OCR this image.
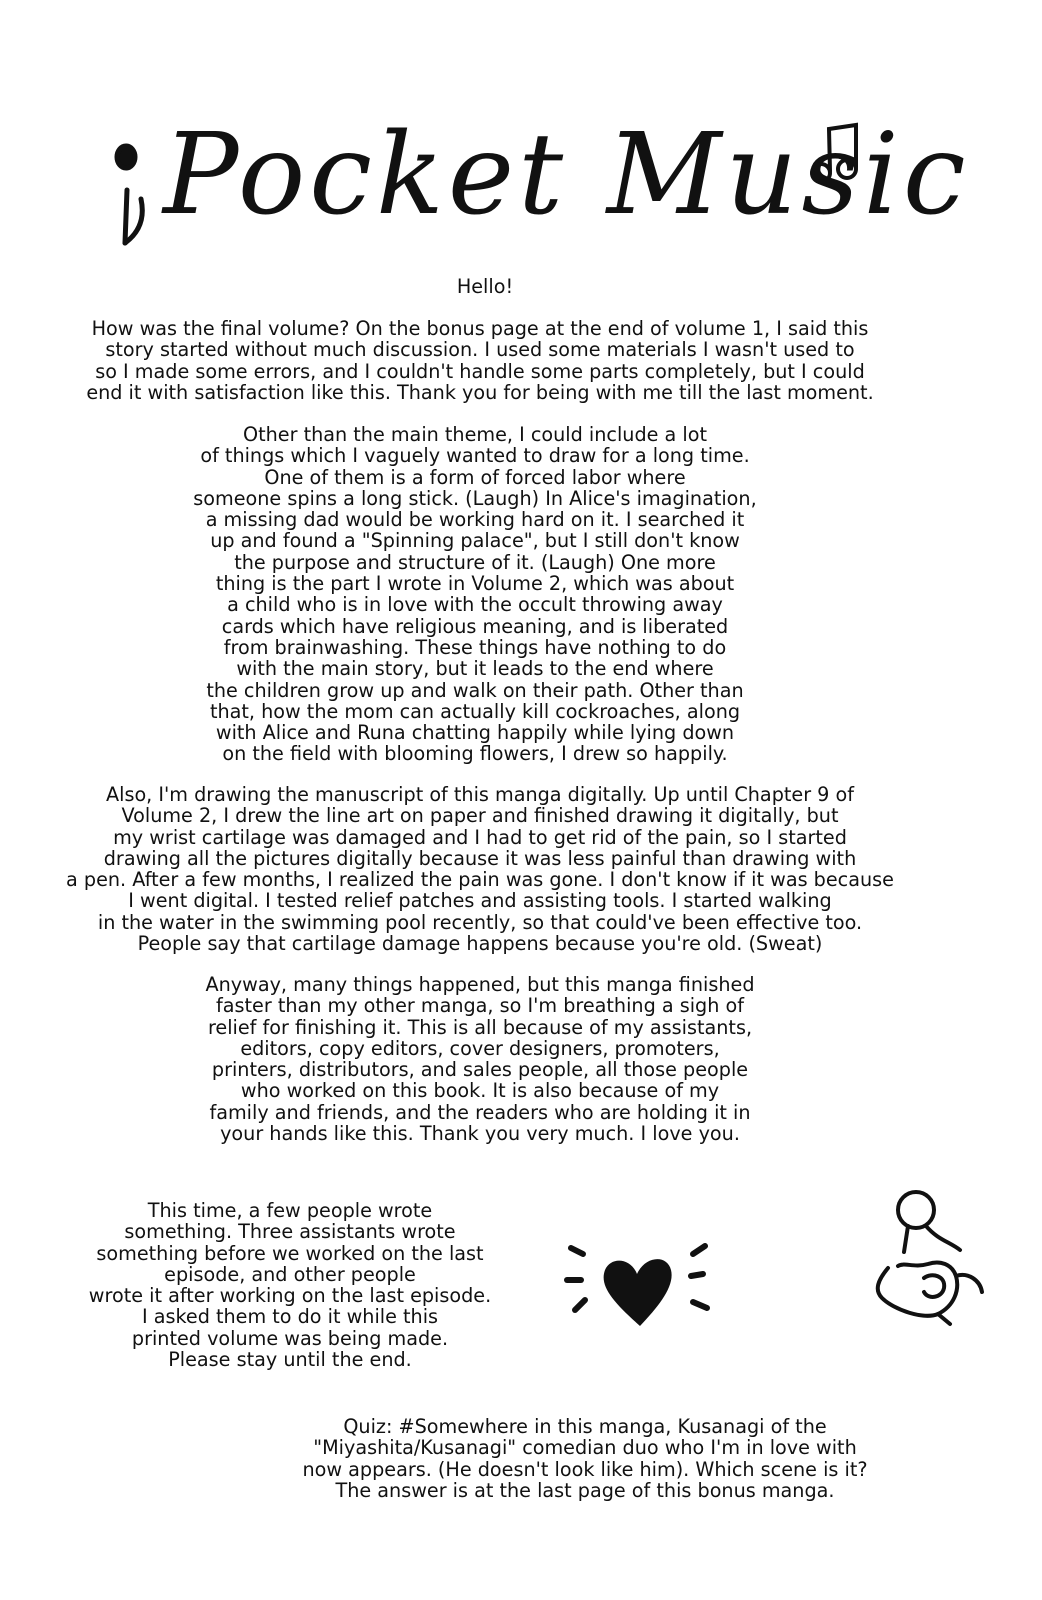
Pocket Music
Hello!
How was the final volume? On the bonus page at the end of volume 1, I said this
story started without much discussion. I used some materials I wasn't used to
so I made some errors, and I couldn't handle some parts completely, but I could
end it with satisfaction like this. Thank you for being with me till the last moment.
Other than the main theme, I could include a lot
of things which I vaguely wanted to draw for a long time.
One of them is a form of forced labor where
someone spins a long stick. (Laugh) In Alice's imagination,
a missing dad would be working hard on it. I searched it
up and found a "Spinning palace", but I still don't know
the purpose and structure of it. (Laugh) One more
thing is the part I wrote in Volume 2, which was about
a child who is in love with the occult throwing away
cards which have religious meaning, and is liberated
from brainwashing. These things have nothing to do
with the main story, but it leads to the end where
the children grow up and walk on their path. Other than
that, how the mom can actually kill cockroaches, along
with Alice and Runa chatting happily while lying down
on the field with blooming flowers, I drew so happily.
Also, I'm drawing the manuscript of this manga digitally. Up until Chapter 9 of
Volume 2, I drew the line art on paper and finished drawing it digitally, but
my wrist cartilage was damaged and I had to get rid of the pain, so I started
drawing all the pictures digitally because it was less painful than drawing with
a pen. After a few months, I realized the pain was gone. I don't know if it was because
I went digital. I tested relief patches and assisting tools. I started walking
in the water in the swimming pool recently, so that could've been effective too.
People say that cartilage damage happens because you're old. (Sweat)
Anyway, many things happened, but this manga finished
faster than my other manga, so I'm breathing a sigh of
relief for finishing it. This is all because of my assistants,
editors, copy editors, cover designers, promoters,
printers, distributors, and sales people, all those people
who worked on this book. It is also because of my
family and friends, and the readers who are holding it in
your hands like this. Thank you very much. I love you.
This time, a few people wrote
something. Three assistants wrote
something before we worked on the last
episode, and other people
wrote it after working on the last episode.
I asked them to do it while this
printed volume was being made.
Please stay until the end.
Quiz: #Somewhere in this manga, Kusanagi of the
"Miyashita/Kusanagi" comedian duo who I'm in love with
now appears. (He doesn't look like him). Which scene is it?
The answer is at the last page of this bonus manga.
